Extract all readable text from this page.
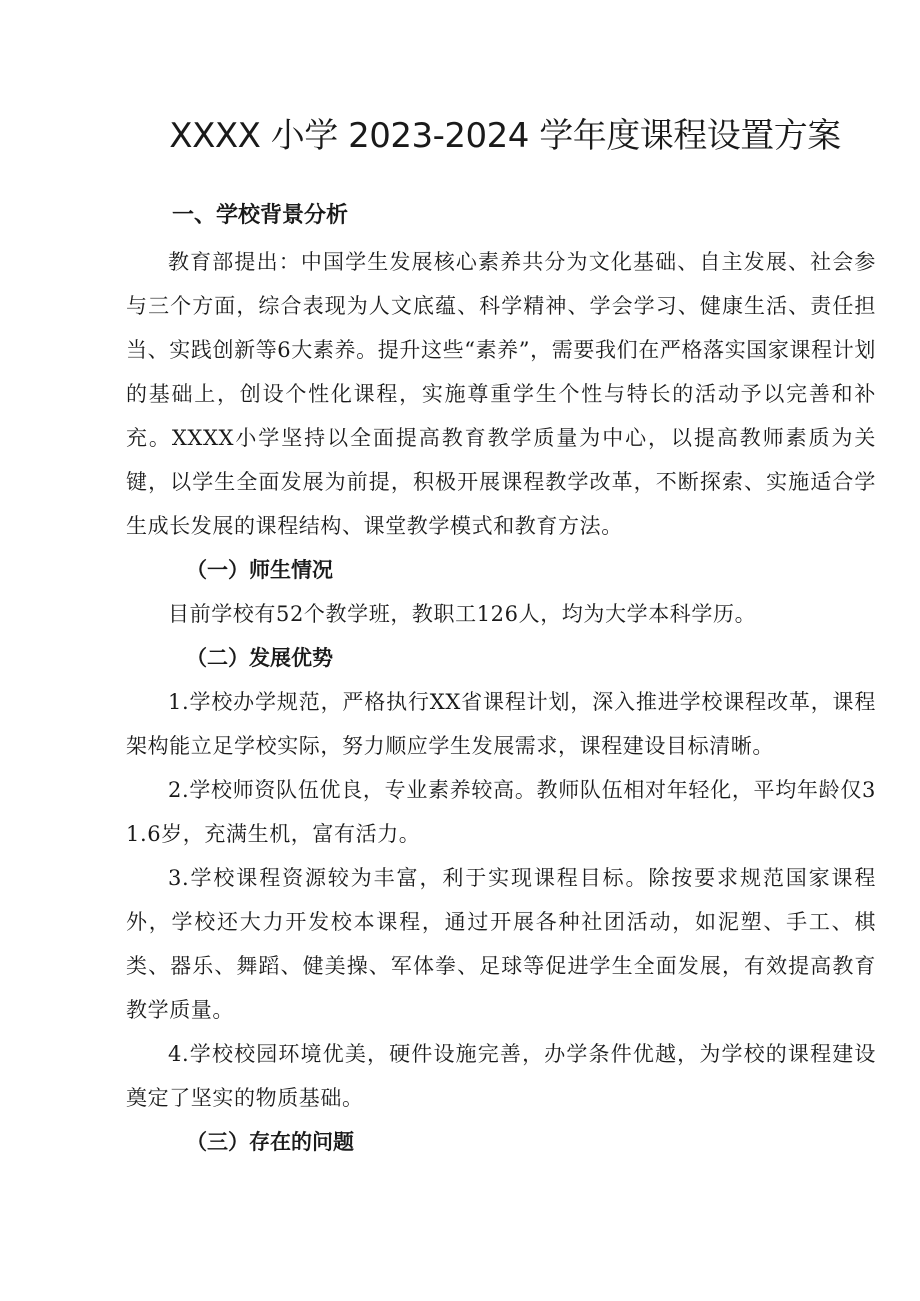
XXXX 小学 2023-2024 学年度课程设置方案
一、学校背景分析

教育部提出：中国学生发展核心素养共分为文化基础、自主发展、社会参与三个方面，综合表现为人文底蕴、科学精神、学会学习、健康生活、责任担当、实践创新等6大素养。提升这些“素养”，需要我们在严格落实国家课程计划的基础上，创设个性化课程，实施尊重学生个性与特长的活动予以完善和补充。XXXX小学坚持以全面提高教育教学质量为中心，以提高教师素质为关键，以学生全面发展为前提，积极开展课程教学改革，不断探索、实施适合学生成长发展的课程结构、课堂教学模式和教育方法。

（一）师生情况

目前学校有52个教学班，教职工126人，均为大学本科学历。

（二）发展优势

1.学校办学规范，严格执行XX省课程计划，深入推进学校课程改革，课程架构能立足学校实际，努力顺应学生发展需求，课程建设目标清晰。

2.学校师资队伍优良，专业素养较高。教师队伍相对年轻化，平均年龄仅31.6岁，充满生机，富有活力。

3.学校课程资源较为丰富，利于实现课程目标。除按要求规范国家课程外，学校还大力开发校本课程，通过开展各种社团活动，如泥塑、手工、棋类、器乐、舞蹈、健美操、军体拳、足球等促进学生全面发展，有效提高教育教学质量。

4.学校校园环境优美，硬件设施完善，办学条件优越，为学校的课程建设奠定了坚实的物质基础。

（三）存在的问题
